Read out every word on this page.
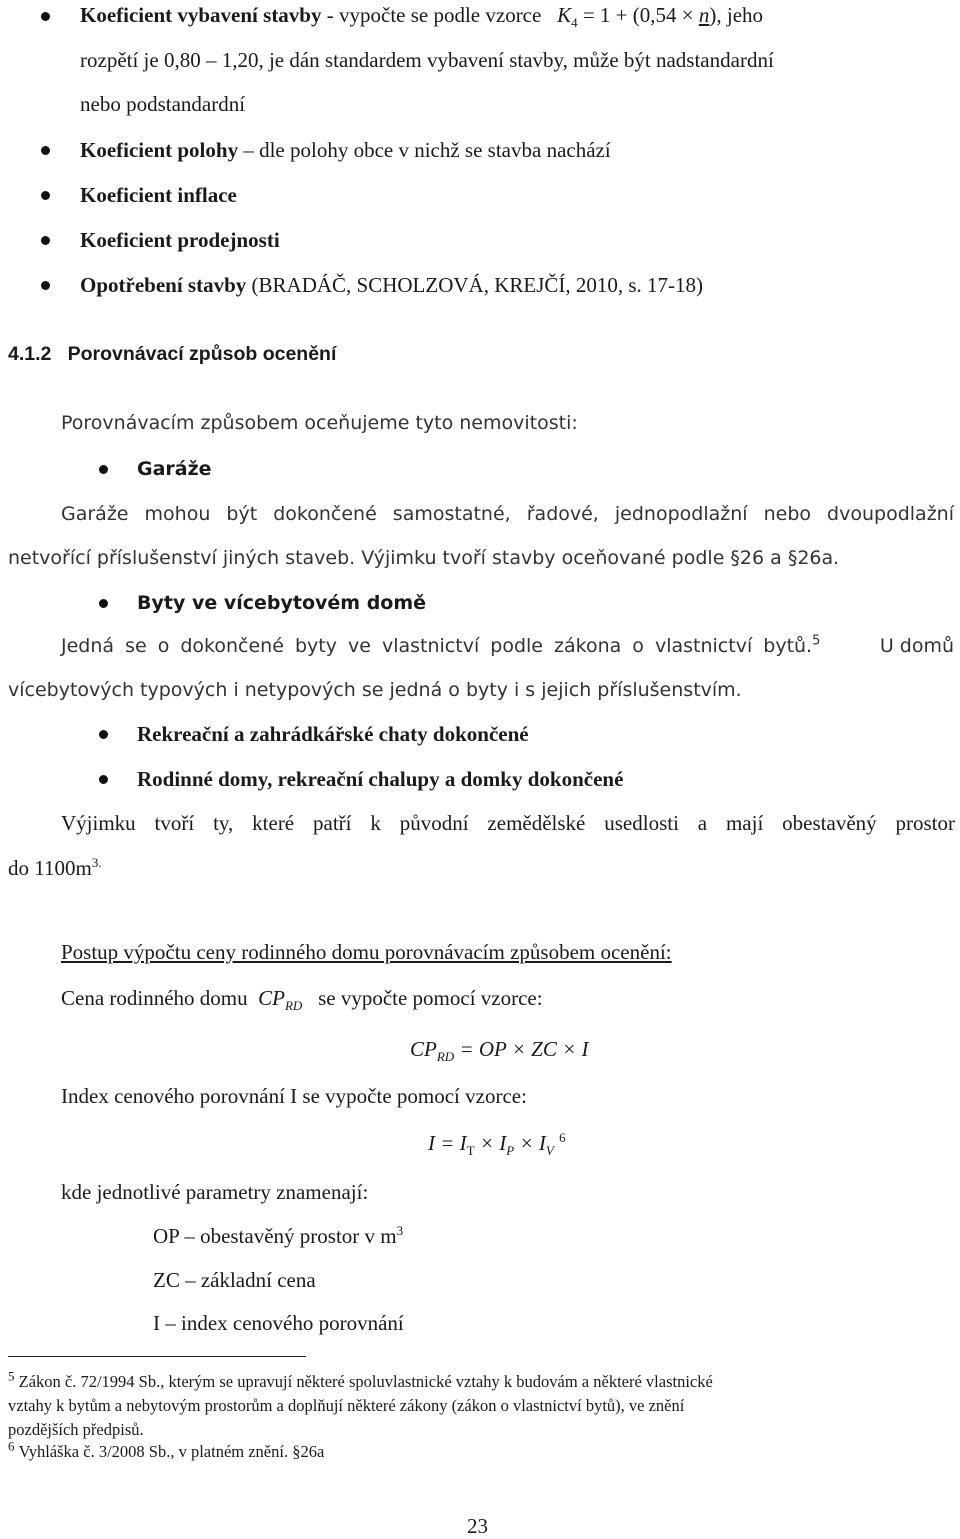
Koeficient vybavení stavby - vypočte se podle vzorce $K_4 = 1 + (0,54 \times n)$, jeho
rozpětí je 0,80 – 1,20, je dán standardem vybavení stavby, může být nadstandardní
nebo podstandardní
Koeficient polohy – dle polohy obce v nichž se stavba nachází
Koeficient inflace
Koeficient prodejnosti
Opotřebení stavby (BRADÁČ, SCHOLZOVÁ, KREJČÍ, 2010, s. 17-18)
4.1.2 Porovnávací způsob ocenění
Porovnávacím způsobem oceňujeme tyto nemovitosti:
Garáže
Garáže mohou být dokončené samostatné, řadové, jednopodlažní nebo dvoupodlažní
netvořící příslušenství jiných staveb. Výjimku tvoří stavby oceňované podle §26 a §26a.
Byty ve vícebytovém domě
Jedná se o dokončené byty ve vlastnictví podle zákona o vlastnictví bytů.$^5$	U domů
vícebytových typových i netypových se jedná o byty i s jejich příslušenstvím.
Rekreační a zahrádkářské chaty dokončené
Rodinné domy, rekreační chalupy a domky dokončené
Výjimku tvoří ty, které patří k původní zemědělské usedlosti a mají obestavěný prostor
do $1100m^{3.}$
Postup výpočtu ceny rodinného domu porovnávacím způsobem ocenění:
Cena rodinného domu $CP_{RD}$ se vypočte pomocí vzorce:
$CP_{RD}$ = OP × ZC × I
Index cenového porovnání I se vypočte pomocí vzorce:
$I = I_T \times I_P \times I_V$ $^6$
kde jednotlivé parametry znamenají:
OP – obestavěný prostor v $m^3$
ZC – základní cena
I – index cenového porovnání
$^5$ Zákon č. 72/1994 Sb., kterým se upravují některé spoluvlastnické vztahy k budovám a některé vlastnické
vztahy k bytům a nebytovým prostorům a doplňují některé zákony (zákon o vlastnictví bytů), ve znění
pozdějších předpisů.
$^6$ Vyhláška č. 3/2008 Sb., v platném znění. §26a
23
